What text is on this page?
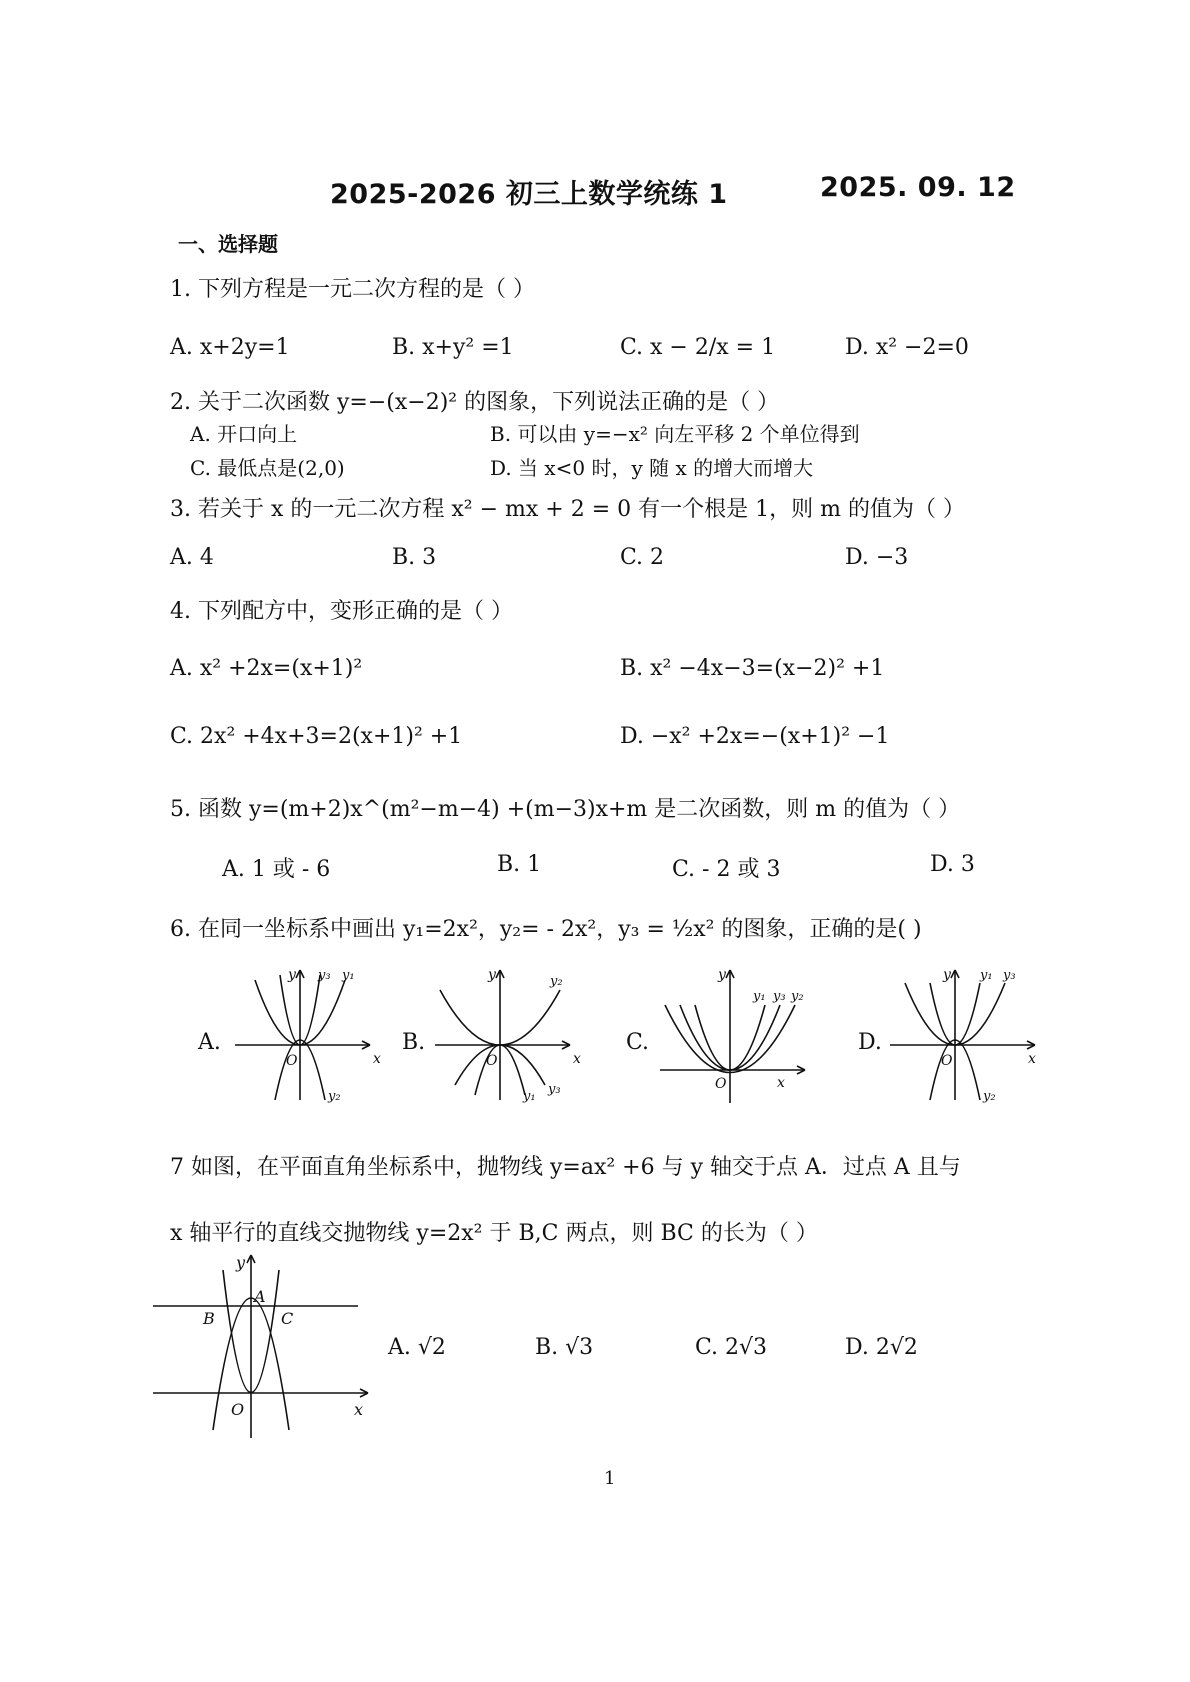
2025-2026 初三上数学统练 1	2025. 09. 12
一、选择题
1. 下列方程是一元二次方程的是（ ）
A. x+2y=1	B. x+y² =1	C. x − 2/x = 1	D. x² −2=0
2. 关于二次函数 y=−(x−2)² 的图象，下列说法正确的是（ ）
A. 开口向上	B. 可以由 y=−x² 向左平移 2 个单位得到
C. 最低点是(2,0)	D. 当 x<0 时，y 随 x 的增大而增大
3. 若关于 x 的一元二次方程 x² − mx + 2 = 0 有一个根是 1，则 m 的值为（ ）
A. 4	B. 3	C. 2	D. −3
4. 下列配方中，变形正确的是（ ）
A. x² +2x=(x+1)²	B. x² −4x−3=(x−2)² +1
C. 2x² +4x+3=2(x+1)² +1	D. −x² +2x=−(x+1)² −1
5. 函数 y=(m+2)x^(m²−m−4) +(m−3)x+m 是二次函数，则 m 的值为（ ）
A. 1 或 - 6	B. 1	C. - 2 或 3	D. 3
6. 在同一坐标系中画出 y₁=2x²，y₂= - 2x²，y₃ = ½x² 的图象，正确的是( )
A.	B.	C.	D.
y
x
O
y₃ y₁
y₂
y
x
O
y₂
y₁ y₃
y
x
O
y₁ y₃ y₂
y
x
O
y₁ y₃
y₂
7 如图，在平面直角坐标系中，抛物线 y=ax² +6 与 y 轴交于点 A．过点 A 且与
x 轴平行的直线交抛物线 y=2x² 于 B,C 两点，则 BC 的长为（ ）
y
A
B	C
O	x
A. √2	B. √3	C. 2√3	D. 2√2
1
